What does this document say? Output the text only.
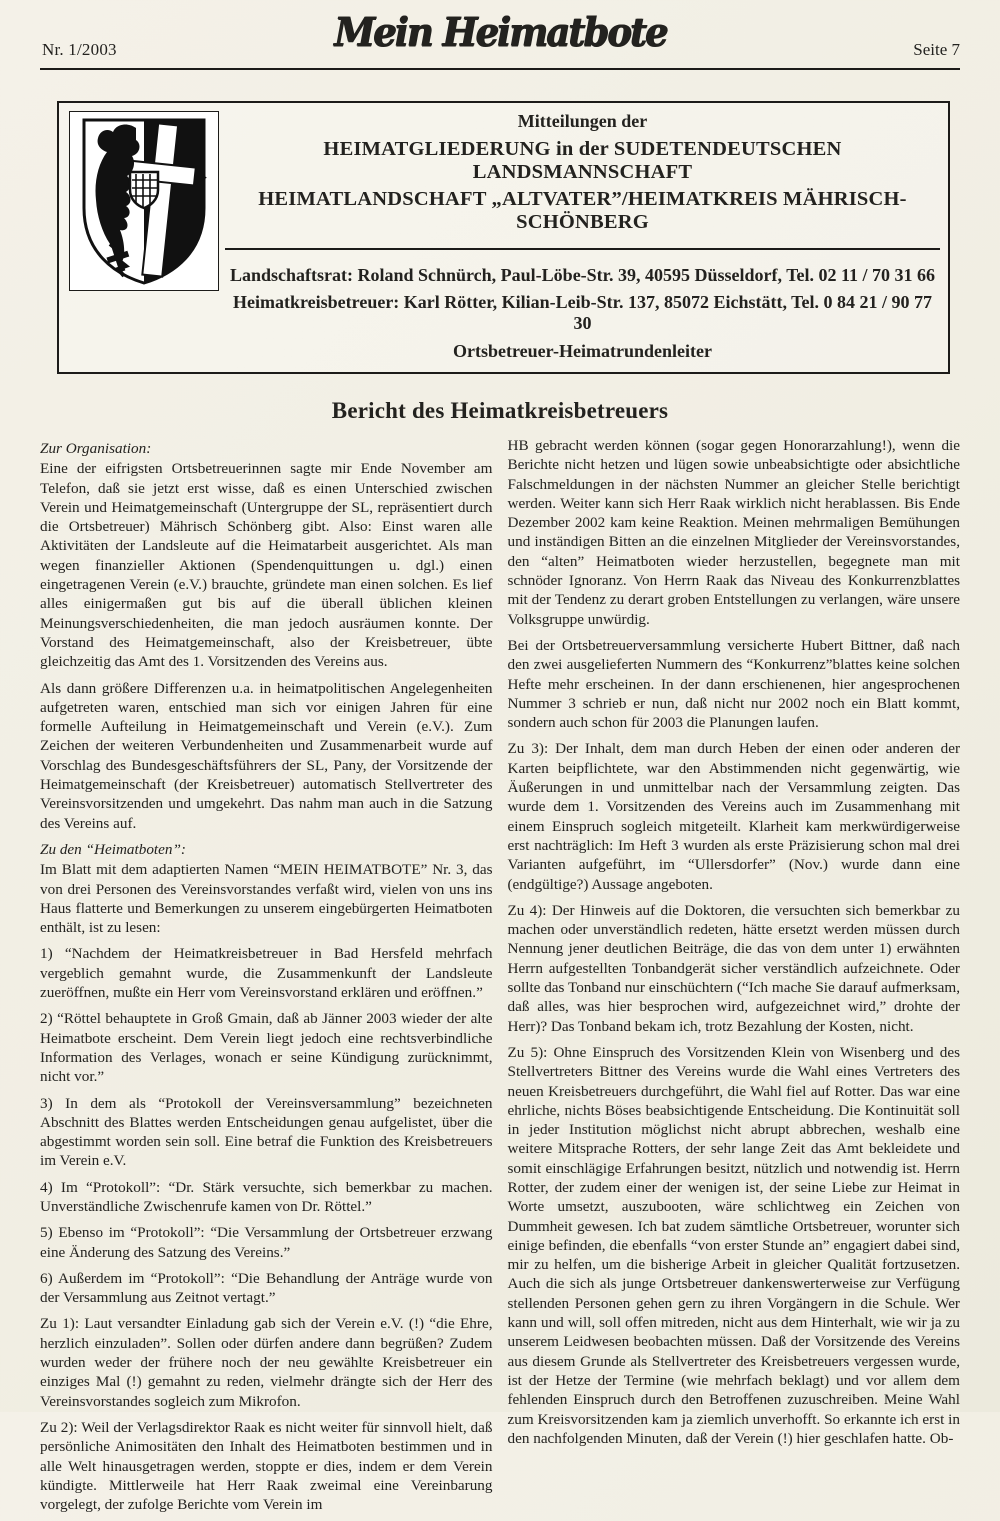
Nr. 1/2003	Mein Heimatbote	Seite 7
Mitteilungen der
HEIMATGLIEDERUNG in der SUDETENDEUTSCHEN LANDSMANNSCHAFT
HEIMATLANDSCHAFT „ALTVATER”/HEIMATKREIS MÄHRISCH-SCHÖNBERG
Landschaftsrat: Roland Schnürch, Paul-Löbe-Str. 39, 40595 Düsseldorf, Tel. 02 11 / 70 31 66
Heimatkreisbetreuer: Karl Rötter, Kilian-Leib-Str. 137, 85072 Eichstätt, Tel. 0 84 21 / 90 77 30
Ortsbetreuer-Heimatrundenleiter
Bericht des Heimatkreisbetreuers

Zur Organisation:

Eine der eifrigsten Ortsbetreuerinnen sagte mir Ende November am Telefon, daß sie jetzt erst wisse, daß es einen Unterschied zwischen Verein und Heimatgemeinschaft (Untergruppe der SL, repräsentiert durch die Ortsbetreuer) Mährisch Schönberg gibt. Also: Einst waren alle Aktivitäten der Landsleute auf die Heimatarbeit ausgerichtet. Als man wegen finanzieller Aktionen (Spendenquittungen u. dgl.) einen eingetragenen Verein (e.V.) brauchte, gründete man einen solchen. Es lief alles einigermaßen gut bis auf die überall üblichen kleinen Meinungsverschiedenheiten, die man jedoch ausräumen konnte. Der Vorstand des Heimatgemeinschaft, also der Kreisbetreuer, übte gleichzeitig das Amt des 1. Vorsitzenden des Vereins aus.

Als dann größere Differenzen u.a. in heimatpolitischen Angelegenheiten aufgetreten waren, entschied man sich vor einigen Jahren für eine formelle Aufteilung in Heimatgemeinschaft und Verein (e.V.). Zum Zeichen der weiteren Verbundenheiten und Zusammenarbeit wurde auf Vorschlag des Bundesgeschäftsführers der SL, Pany, der Vorsitzende der Heimatgemeinschaft (der Kreisbetreuer) automatisch Stellvertreter des Vereinsvorsitzenden und umgekehrt. Das nahm man auch in die Satzung des Vereins auf.

Zu den “Heimatboten”:

Im Blatt mit dem adaptierten Namen “MEIN HEIMATBOTE” Nr. 3, das von drei Personen des Vereinsvorstandes verfaßt wird, vielen von uns ins Haus flatterte und Bemerkungen zu unserem eingebürgerten Heimatboten enthält, ist zu lesen:

1) “Nachdem der Heimatkreisbetreuer in Bad Hersfeld mehrfach vergeblich gemahnt wurde, die Zusammenkunft der Landsleute zueröffnen, mußte ein Herr vom Vereinsvorstand erklären und eröffnen.”

2) “Röttel behauptete in Groß Gmain, daß ab Jänner 2003 wieder der alte Heimatbote erscheint. Dem Verein liegt jedoch eine rechtsverbindliche Information des Verlages, wonach er seine Kündigung zurücknimmt, nicht vor.”

3) In dem als “Protokoll der Vereinsversammlung” bezeichneten Abschnitt des Blattes werden Entscheidungen genau aufgelistet, über die abgestimmt worden sein soll. Eine betraf die Funktion des Kreisbetreuers im Verein e.V.

4) Im “Protokoll”: “Dr. Stärk versuchte, sich bemerkbar zu machen. Unverständliche Zwischenrufe kamen von Dr. Röttel.”

5) Ebenso im “Protokoll”: “Die Versammlung der Ortsbetreuer erzwang eine Änderung des Satzung des Vereins.”

6) Außerdem im “Protokoll”: “Die Behandlung der Anträge wurde von der Versammlung aus Zeitnot vertagt.”

Zu 1): Laut versandter Einladung gab sich der Verein e.V. (!) “die Ehre, herzlich einzuladen”. Sollen oder dürfen andere dann begrüßen? Zudem wurden weder der frühere noch der neu gewählte Kreisbetreuer ein einziges Mal (!) gemahnt zu reden, vielmehr drängte sich der Herr des Vereinsvorstandes sogleich zum Mikrofon.

Zu 2): Weil der Verlagsdirektor Raak es nicht weiter für sinnvoll hielt, daß persönliche Animositäten den Inhalt des Heimatboten bestimmen und in alle Welt hinausgetragen werden, stoppte er dies, indem er dem Verein kündigte. Mittlerweile hat Herr Raak zweimal eine Vereinbarung vorgelegt, der zufolge Berichte vom Verein im

HB gebracht werden können (sogar gegen Honorarzahlung!), wenn die Berichte nicht hetzen und lügen sowie unbeabsichtigte oder absichtliche Falschmeldungen in der nächsten Nummer an gleicher Stelle berichtigt werden. Weiter kann sich Herr Raak wirklich nicht herablassen. Bis Ende Dezember 2002 kam keine Reaktion. Meinen mehrmaligen Bemühungen und inständigen Bitten an die einzelnen Mitglieder der Vereinsvorstandes, den “alten” Heimatboten wieder herzustellen, begegnete man mit schnöder Ignoranz. Von Herrn Raak das Niveau des Konkurrenzblattes mit der Tendenz zu derart groben Entstellungen zu verlangen, wäre unsere Volksgruppe unwürdig.

Bei der Ortsbetreuerversammlung versicherte Hubert Bittner, daß nach den zwei ausgelieferten Nummern des “Konkurrenz”blattes keine solchen Hefte mehr erscheinen. In der dann erschienenen, hier angesprochenen Nummer 3 schrieb er nun, daß nicht nur 2002 noch ein Blatt kommt, sondern auch schon für 2003 die Planungen laufen.

Zu 3): Der Inhalt, dem man durch Heben der einen oder anderen der Karten beipflichtete, war den Abstimmenden nicht gegenwärtig, wie Äußerungen in und unmittelbar nach der Versammlung zeigten. Das wurde dem 1. Vorsitzenden des Vereins auch im Zusammenhang mit einem Einspruch sogleich mitgeteilt. Klarheit kam merkwürdigerweise erst nachträglich: Im Heft 3 wurden als erste Präzisierung schon mal drei Varianten aufgeführt, im “Ullersdorfer” (Nov.) wurde dann eine (endgültige?) Aussage angeboten.

Zu 4): Der Hinweis auf die Doktoren, die versuchten sich bemerkbar zu machen oder unverständlich redeten, hätte ersetzt werden müssen durch Nennung jener deutlichen Beiträge, die das von dem unter 1) erwähnten Herrn aufgestellten Tonbandgerät sicher verständlich aufzeichnete. Oder sollte das Tonband nur einschüchtern (“Ich mache Sie darauf aufmerksam, daß alles, was hier besprochen wird, aufgezeichnet wird,” drohte der Herr)? Das Tonband bekam ich, trotz Bezahlung der Kosten, nicht.

Zu 5): Ohne Einspruch des Vorsitzenden Klein von Wisenberg und des Stellvertreters Bittner des Vereins wurde die Wahl eines Vertreters des neuen Kreisbetreuers durchgeführt, die Wahl fiel auf Rotter. Das war eine ehrliche, nichts Böses beabsichtigende Entscheidung. Die Kontinuität soll in jeder Institution möglichst nicht abrupt abbrechen, weshalb eine weitere Mitsprache Rotters, der sehr lange Zeit das Amt bekleidete und somit einschlägige Erfahrungen besitzt, nützlich und notwendig ist. Herrn Rotter, der zudem einer der wenigen ist, der seine Liebe zur Heimat in Worte umsetzt, auszubooten, wäre schlichtweg ein Zeichen von Dummheit gewesen. Ich bat zudem sämtliche Ortsbetreuer, worunter sich einige befinden, die ebenfalls “von erster Stunde an” engagiert dabei sind, mir zu helfen, um die bisherige Arbeit in gleicher Qualität fortzusetzen. Auch die sich als junge Ortsbetreuer dankenswerterweise zur Verfügung stellenden Personen gehen gern zu ihren Vorgängern in die Schule. Wer kann und will, soll offen mitreden, nicht aus dem Hinterhalt, wie wir ja zu unserem Leidwesen beobachten müssen. Daß der Vorsitzende des Vereins aus diesem Grunde als Stellvertreter des Kreisbetreuers vergessen wurde, ist der Hetze der Termine (wie mehrfach beklagt) und vor allem dem fehlenden Einspruch durch den Betroffenen zuzuschreiben. Meine Wahl zum Kreisvorsitzenden kam ja ziemlich unverhofft. So erkannte ich erst in den nachfolgenden Minuten, daß der Verein (!) hier geschlafen hatte. Ob-
